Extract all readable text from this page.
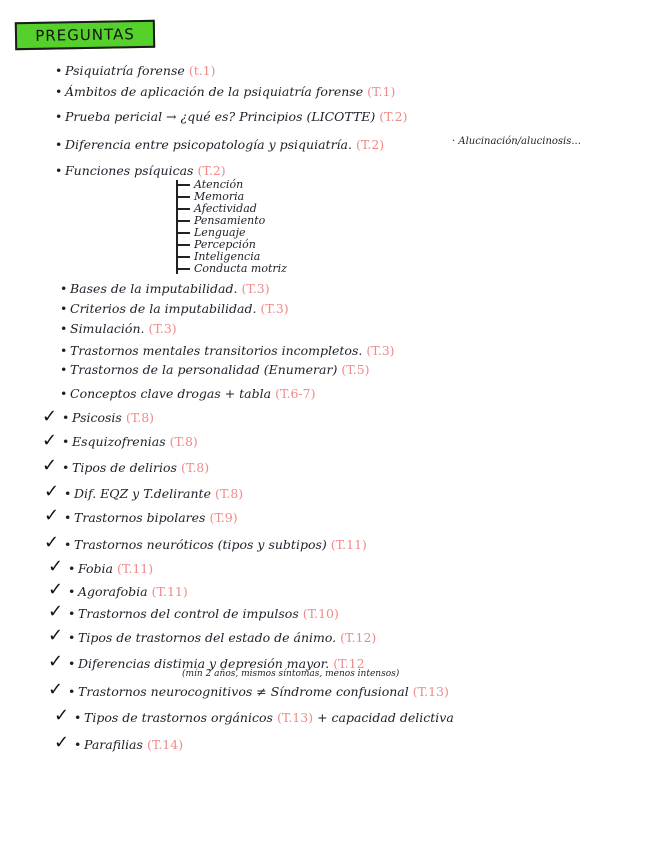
PREGUNTAS
• Psiquiatría forense (t.1)
• Ámbitos de aplicación de la psiquiatría forense (T.1)
• Prueba pericial → ¿qué es? Principios (LICOTTE) (T.2)
• Diferencia entre psicopatología y psiquiatría. (T.2)	· Alucinación/alucinosis...
• Funciones psíquicas (T.2)
Atención
Memoria
Afectividad
Pensamiento
Lenguaje
Percepción
Inteligencia
Conducta motriz
• Bases de la imputabilidad. (T.3)
• Criterios de la imputabilidad. (T.3)
• Simulación. (T.3)
• Trastornos mentales transitorios incompletos. (T.3)
• Trastornos de la personalidad (Enumerar) (T.5)
• Conceptos clave drogas + tabla (T.6-7)
✓ • Psicosis (T.8)
✓ • Esquizofrenias (T.8)
✓ • Tipos de delirios (T.8)
✓ • Dif. EQZ y T.delirante (T.8)
✓ • Trastornos bipolares (T.9)
✓ • Trastornos neuróticos (tipos y subtipos) (T.11)
✓ • Fobia (T.11)
✓ • Agorafobia (T.11)
✓ • Trastornos del control de impulsos (T.10)
✓ • Tipos de trastornos del estado de ánimo. (T.12)
✓ • Diferencias distimia y depresión mayor. (T.12
(mín 2 años, mismos síntomas, menos intensos)
✓ • Trastornos neurocognitivos ≠ Síndrome confusional (T.13)
✓ • Tipos de trastornos orgánicos (T.13) + capacidad delictiva
✓ • Parafilias (T.14)
